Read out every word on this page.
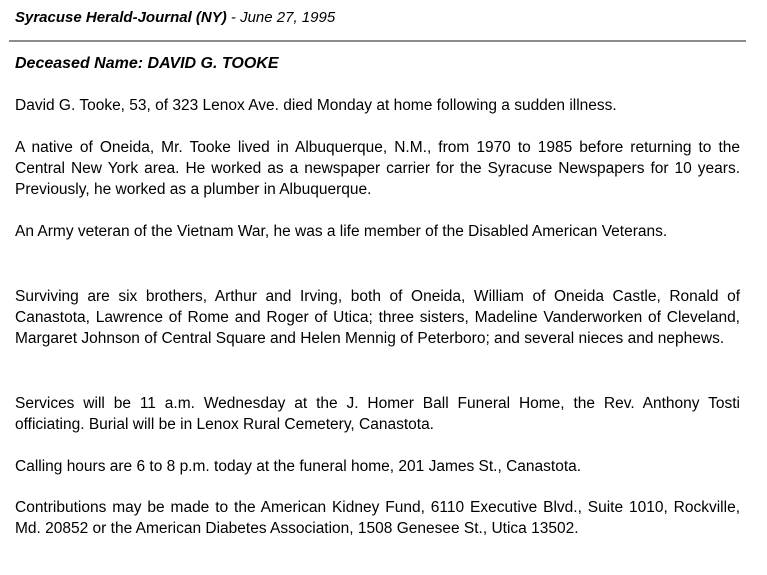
Syracuse Herald-Journal (NY) - June 27, 1995
Deceased Name: DAVID G. TOOKE

David G. Tooke, 53, of 323 Lenox Ave. died Monday at home following a sudden illness.

A native of Oneida, Mr. Tooke lived in Albuquerque, N.M., from 1970 to 1985 before returning to the Central New York area. He worked as a newspaper carrier for the Syracuse Newspapers for 10 years. Previously, he worked as a plumber in Albuquerque.

An Army veteran of the Vietnam War, he was a life member of the Disabled American Veterans.

Surviving are six brothers, Arthur and Irving, both of Oneida, William of Oneida Castle, Ronald of Canastota, Lawrence of Rome and Roger of Utica; three sisters, Madeline Vanderworken of Cleveland, Margaret Johnson of Central Square and Helen Mennig of Peterboro; and several nieces and nephews.

Services will be 11 a.m. Wednesday at the J. Homer Ball Funeral Home, the Rev. Anthony Tosti officiating. Burial will be in Lenox Rural Cemetery, Canastota.

Calling hours are 6 to 8 p.m. today at the funeral home, 201 James St., Canastota.

Contributions may be made to the American Kidney Fund, 6110 Executive Blvd., Suite 1010, Rockville, Md. 20852 or the American Diabetes Association, 1508 Genesee St., Utica 13502.
